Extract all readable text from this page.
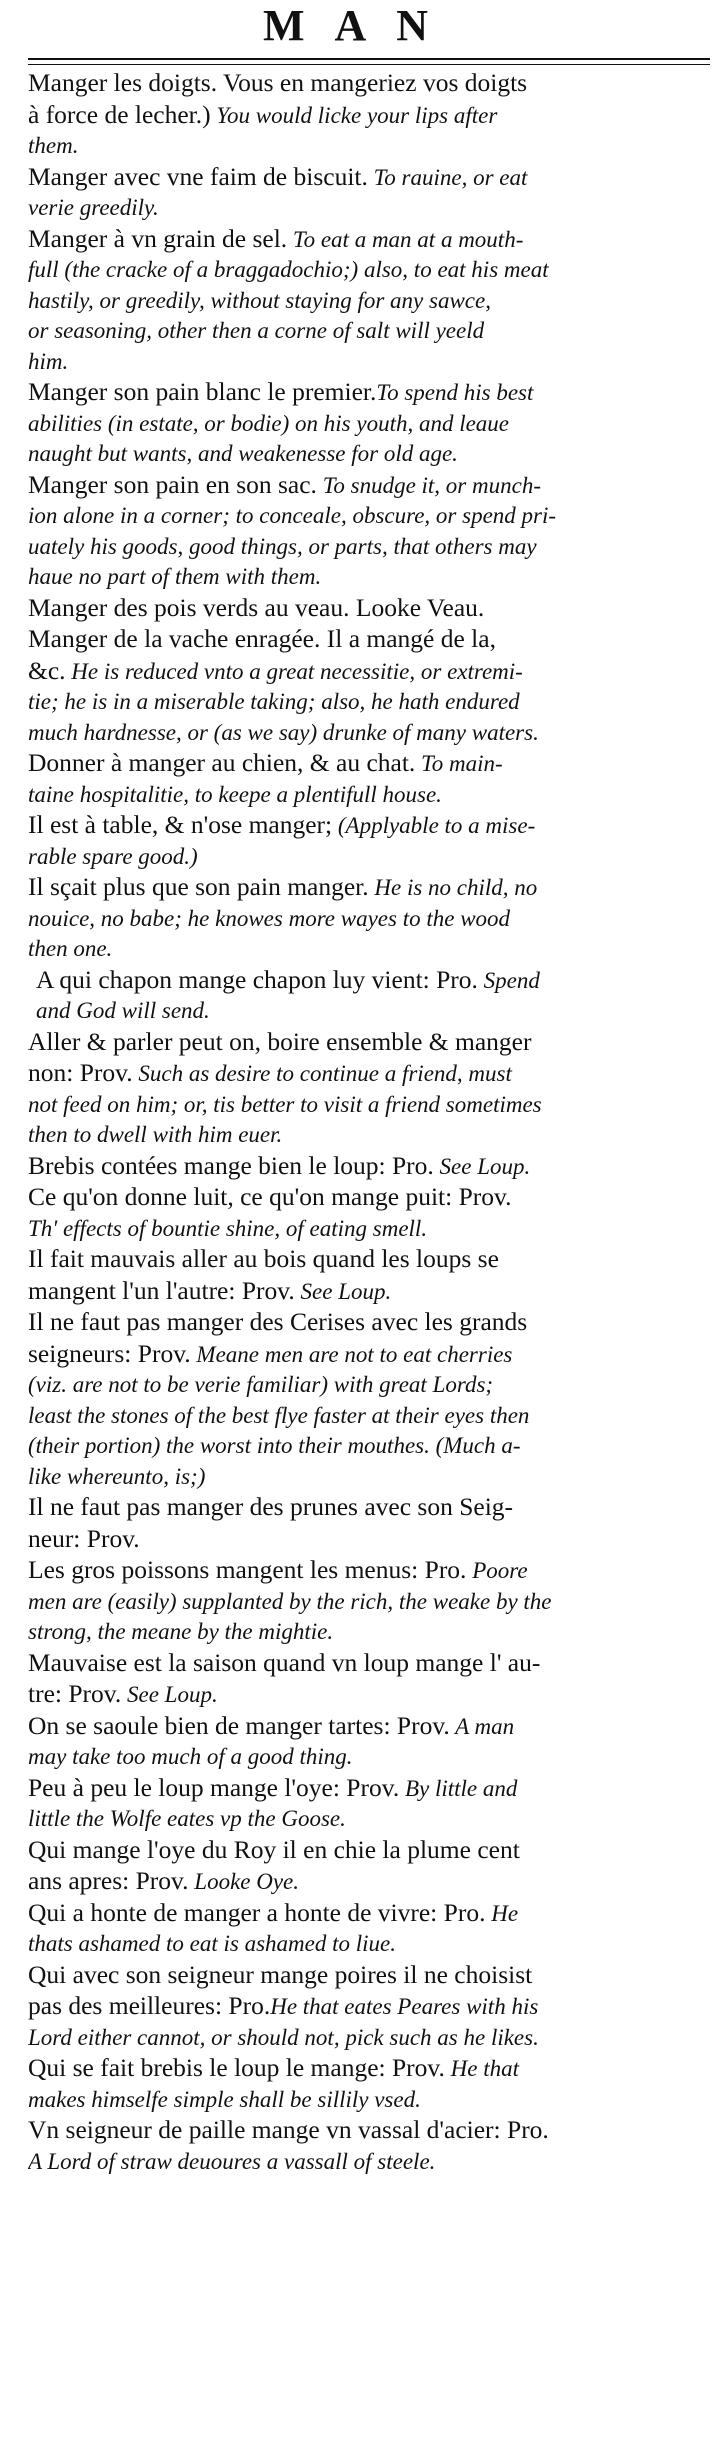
MAN
Manger les doigts. Vous en mangeriez vos doigts
à force de lecher.) You would licke your lips after
them.
Manger avec vne faim de biscuit. To rauine, or eat
verie greedily.
Manger à vn grain de sel. To eat a man at a mouth-
full (the cracke of a braggadochio;) also, to eat his meat
hastily, or greedily, without staying for any sawce,
or seasoning, other then a corne of salt will yeeld
him.
Manger son pain blanc le premier.To spend his best
abilities (in estate, or bodie) on his youth, and leaue
naught but wants, and weakenesse for old age.
Manger son pain en son sac. To snudge it, or munch-
ion alone in a corner; to conceale, obscure, or spend pri-
uately his goods, good things, or parts, that others may
haue no part of them with them.
Manger des pois verds au veau. Looke Veau.
Manger de la vache enragée. Il a mangé de la,
&c. He is reduced vnto a great necessitie, or extremi-
tie; he is in a miserable taking; also, he hath endured
much hardnesse, or (as we say) drunke of many waters.
Donner à manger au chien, & au chat. To main-
taine hospitalitie, to keepe a plentifull house.
Il est à table, & n'ose manger; (Applyable to a mise-
rable spare good.)
Il sçait plus que son pain manger. He is no child, no
nouice, no babe; he knowes more wayes to the wood
then one.
A qui chapon mange chapon luy vient: Pro. Spend
and God will send.
Aller & parler peut on, boire ensemble & manger
non: Prov. Such as desire to continue a friend, must
not feed on him; or, tis better to visit a friend sometimes
then to dwell with him euer.
Brebis contées mange bien le loup: Pro. See Loup.
Ce qu'on donne luit, ce qu'on mange puit: Prov.
Th' effects of bountie shine, of eating smell.
Il fait mauvais aller au bois quand les loups se
mangent l'un l'autre: Prov. See Loup.
Il ne faut pas manger des Cerises avec les grands
seigneurs: Prov. Meane men are not to eat cherries
(viz. are not to be verie familiar) with great Lords;
least the stones of the best flye faster at their eyes then
(their portion) the worst into their mouthes. (Much a-
like whereunto, is;)
Il ne faut pas manger des prunes avec son Seig-
neur: Prov.
Les gros poissons mangent les menus: Pro. Poore
men are (easily) supplanted by the rich, the weake by the
strong, the meane by the mightie.
Mauvaise est la saison quand vn loup mange l' au-
tre: Prov. See Loup.
On se saoule bien de manger tartes: Prov. A man
may take too much of a good thing.
Peu à peu le loup mange l'oye: Prov. By little and
little the Wolfe eates vp the Goose.
Qui mange l'oye du Roy il en chie la plume cent
ans apres: Prov. Looke Oye.
Qui a honte de manger a honte de vivre: Pro. He
thats ashamed to eat is ashamed to liue.
Qui avec son seigneur mange poires il ne choisist
pas des meilleures: Pro.He that eates Peares with his
Lord either cannot, or should not, pick such as he likes.
Qui se fait brebis le loup le mange: Prov. He that
makes himselfe simple shall be sillily vsed.
Vn seigneur de paille mange vn vassal d'acier: Pro.
A Lord of straw deuoures a vassall of steele.
